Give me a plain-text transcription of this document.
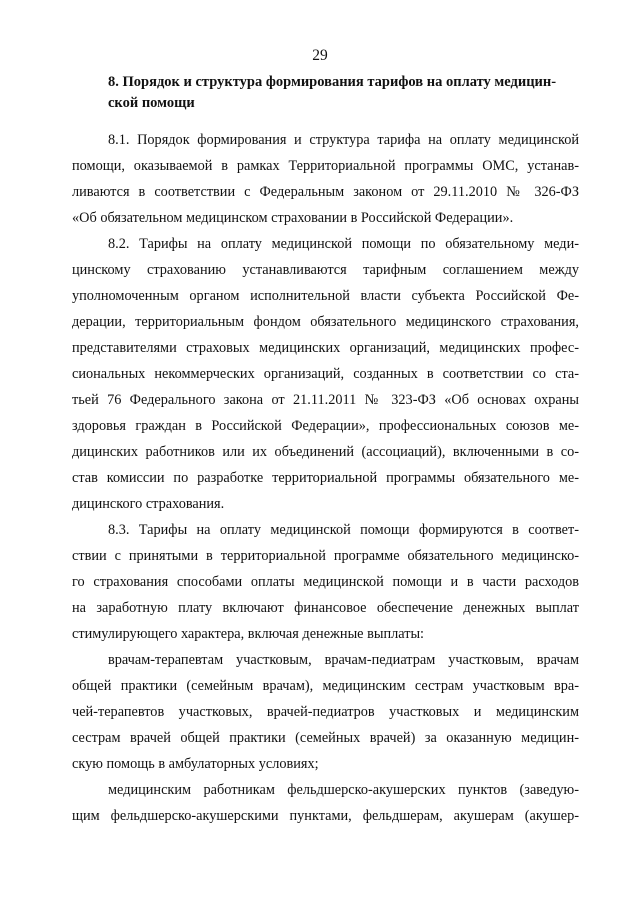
29
8. Порядок и структура формирования тарифов на оплату медицин-
ской помощи
8.1. Порядок формирования и структура тарифа на оплату медицинской
помощи, оказываемой в рамках Территориальной программы ОМС, устанав-
ливаются в соответствии с Федеральным законом от 29.11.2010 № 326-ФЗ
«Об обязательном медицинском страховании в Российской Федерации».
8.2. Тарифы на оплату медицинской помощи по обязательному меди-
цинскому страхованию устанавливаются тарифным соглашением между
уполномоченным органом исполнительной власти субъекта Российской Фе-
дерации, территориальным фондом обязательного медицинского страхования,
представителями страховых медицинских организаций, медицинских профес-
сиональных некоммерческих организаций, созданных в соответствии со ста-
тьей 76 Федерального закона от 21.11.2011 № 323-ФЗ «Об основах охраны
здоровья граждан в Российской Федерации», профессиональных союзов ме-
дицинских работников или их объединений (ассоциаций), включенными в со-
став комиссии по разработке территориальной программы обязательного ме-
дицинского страхования.
8.3. Тарифы на оплату медицинской помощи формируются в соответ-
ствии с принятыми в территориальной программе обязательного медицинско-
го страхования способами оплаты медицинской помощи и в части расходов
на заработную плату включают финансовое обеспечение денежных выплат
стимулирующего характера, включая денежные выплаты:
врачам-терапевтам участковым, врачам-педиатрам участковым, врачам
общей практики (семейным врачам), медицинским сестрам участковым вра-
чей-терапевтов участковых, врачей-педиатров участковых и медицинским
сестрам врачей общей практики (семейных врачей) за оказанную медицин-
скую помощь в амбулаторных условиях;
медицинским работникам фельдшерско-акушерских пунктов (заведую-
щим фельдшерско-акушерскими пунктами, фельдшерам, акушерам (акушер-
